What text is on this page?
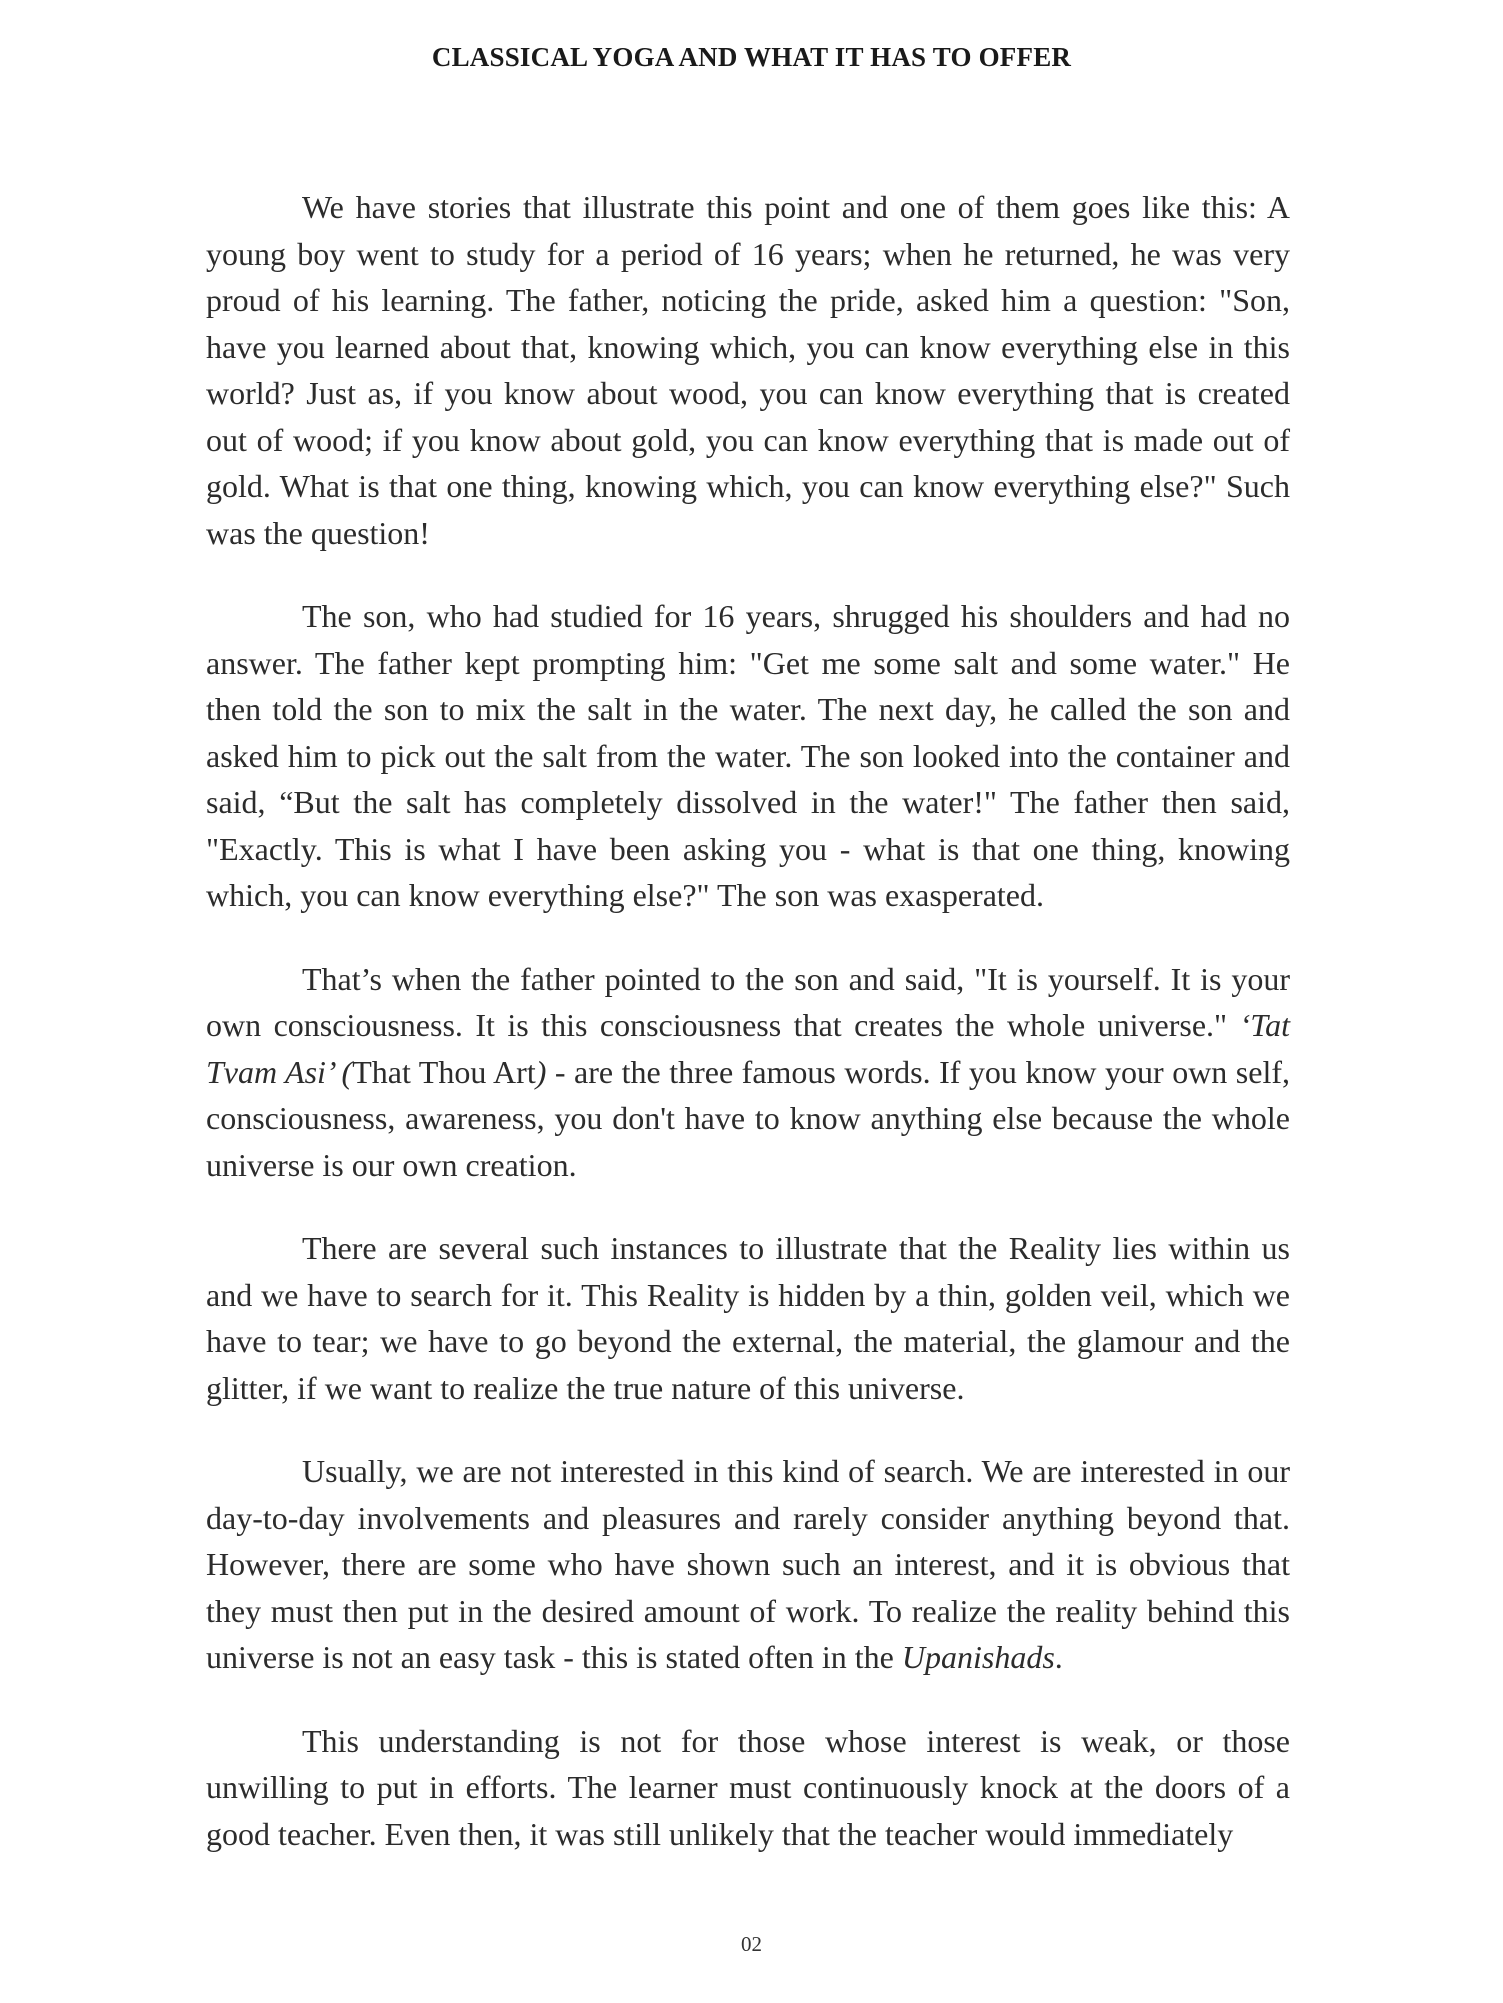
CLASSICAL YOGA AND WHAT IT HAS TO OFFER

We have stories that illustrate this point and one of them goes like this: A young boy went to study for a period of 16 years; when he returned, he was very proud of his learning. The father, noticing the pride, asked him a question: "Son, have you learned about that, knowing which, you can know everything else in this world? Just as, if you know about wood, you can know everything that is created out of wood; if you know about gold, you can know everything that is made out of gold. What is that one thing, knowing which, you can know everything else?" Such was the question!

The son, who had studied for 16 years, shrugged his shoulders and had no answer. The father kept prompting him: "Get me some salt and some water." He then told the son to mix the salt in the water. The next day, he called the son and asked him to pick out the salt from the water. The son looked into the container and said, “But the salt has completely dissolved in the water!" The father then said, "Exactly. This is what I have been asking you - what is that one thing, knowing which, you can know everything else?" The son was exasperated.

That’s when the father pointed to the son and said, "It is yourself. It is your own consciousness. It is this consciousness that creates the whole universe." ‘Tat Tvam Asi’ (That Thou Art) - are the three famous words. If you know your own self, consciousness, awareness, you don't have to know anything else because the whole universe is our own creation.

There are several such instances to illustrate that the Reality lies within us and we have to search for it. This Reality is hidden by a thin, golden veil, which we have to tear; we have to go beyond the external, the material, the glamour and the glitter, if we want to realize the true nature of this universe.

Usually, we are not interested in this kind of search. We are interested in our day-to-day involvements and pleasures and rarely consider anything beyond that. However, there are some who have shown such an interest, and it is obvious that they must then put in the desired amount of work. To realize the reality behind this universe is not an easy task - this is stated often in the Upanishads.

This understanding is not for those whose interest is weak, or those unwilling to put in efforts. The learner must continuously knock at the doors of a good teacher. Even then, it was still unlikely that the teacher would immediately

02
